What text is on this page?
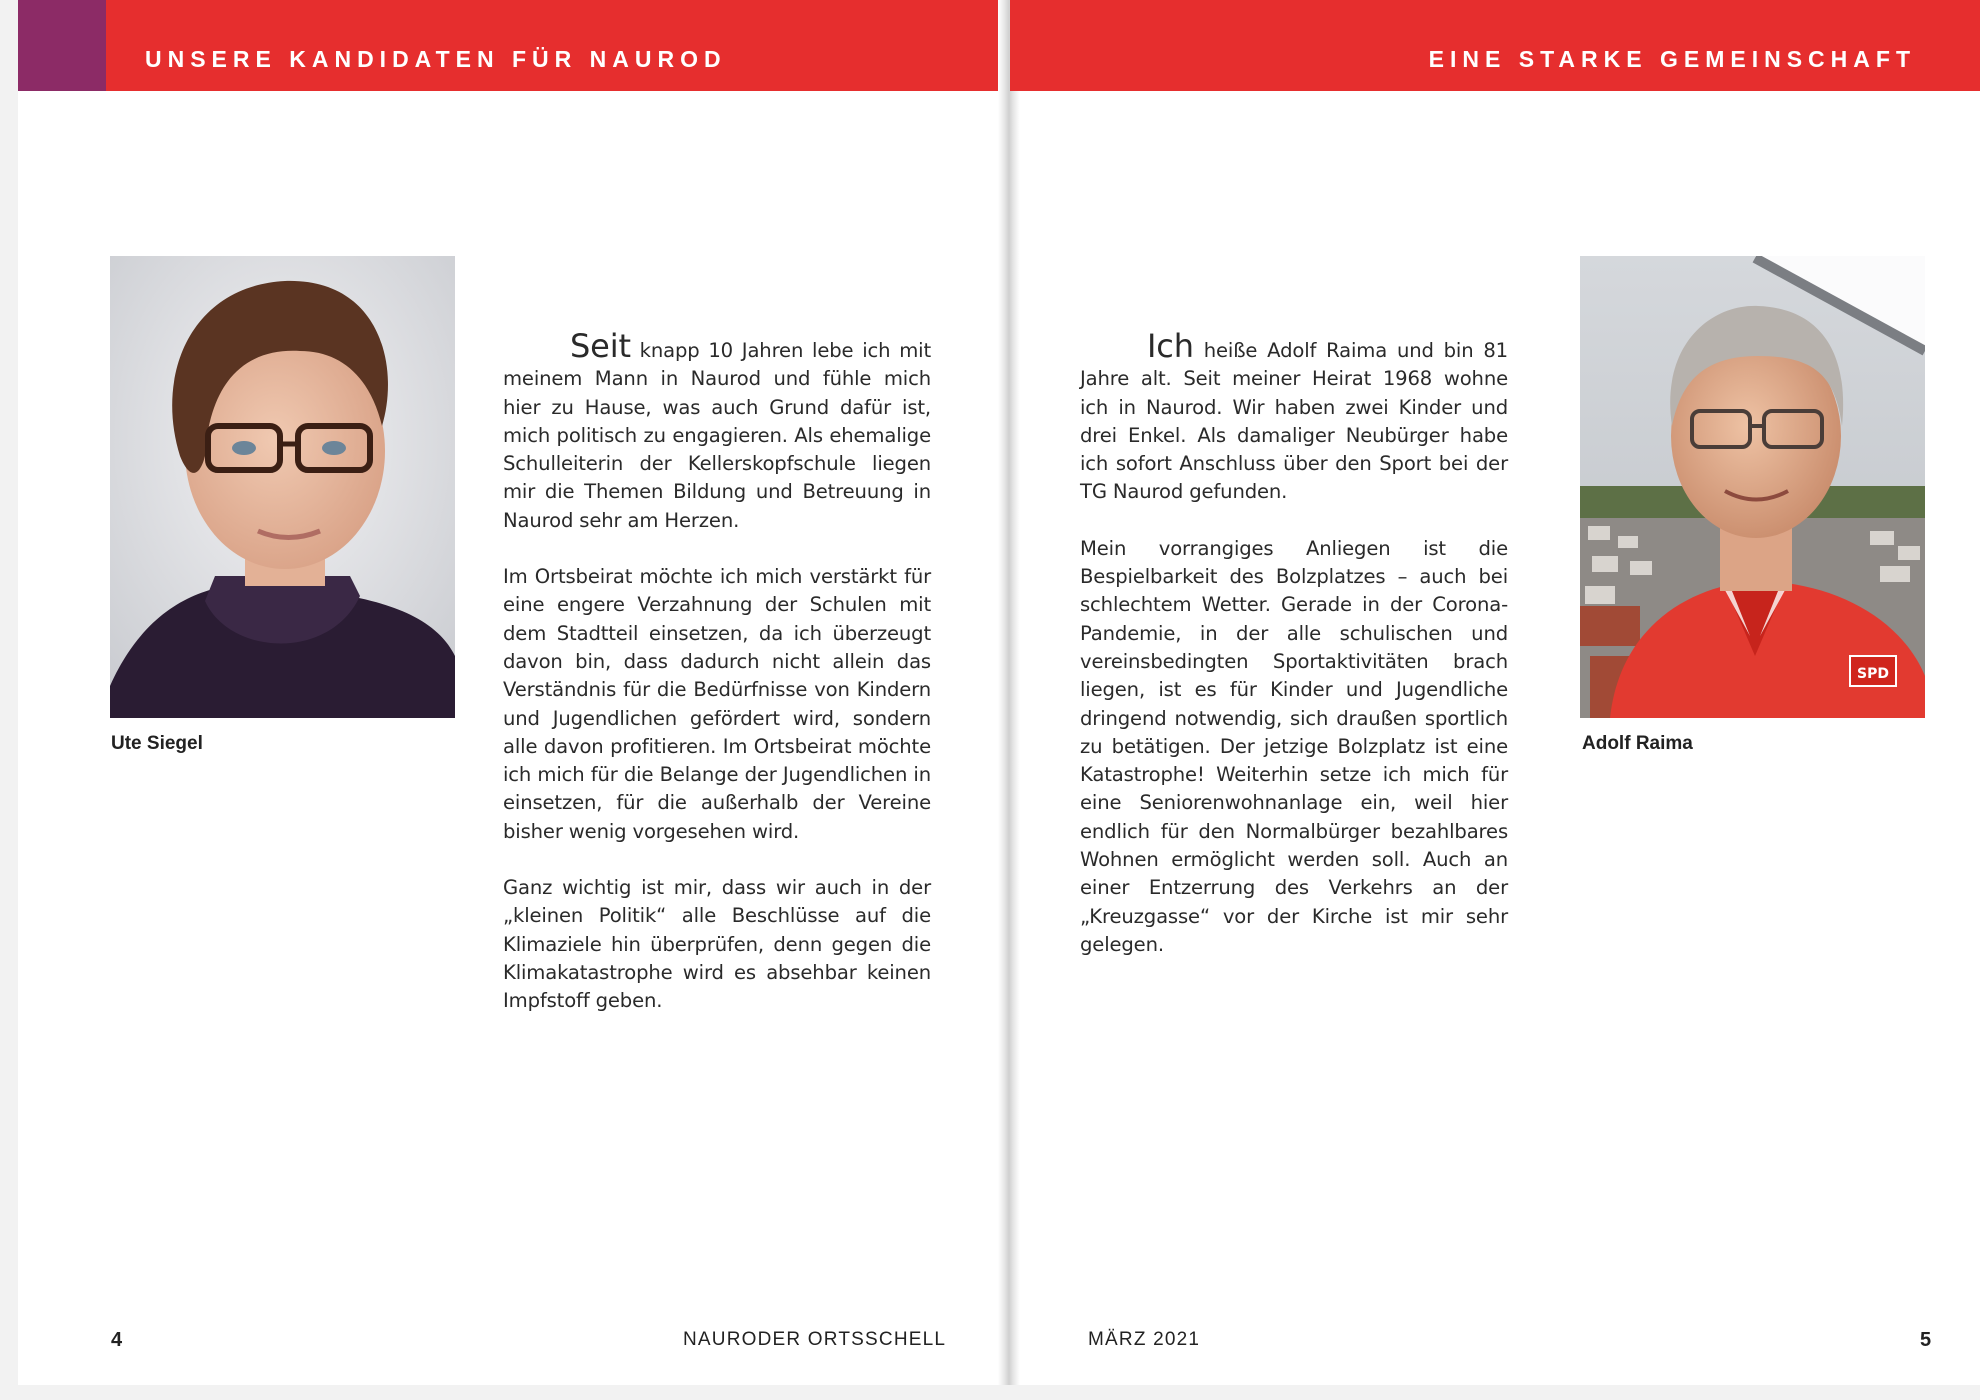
UNSERE KANDIDATEN FÜR NAUROD
Ute Siegel

Seit knapp 10 Jahren lebe ich mit meinem Mann in Naurod und fühle mich hier zu Hause, was auch Grund dafür ist, mich politisch zu engagieren. Als ehemalige Schulleiterin der Kellerskopfschule liegen mir die Themen Bildung und Betreuung in Naurod sehr am Herzen.

Im Ortsbeirat möchte ich mich verstärkt für eine engere Verzahnung der Schulen mit dem Stadtteil einsetzen, da ich überzeugt davon bin, dass dadurch nicht allein das Verständnis für die Bedürfnisse von Kindern und Jugendlichen gefördert wird, sondern alle davon profitieren. Im Ortsbeirat möchte ich mich für die Belange der Jugendlichen in einsetzen, für die außerhalb der Vereine bisher wenig vorgesehen wird.

Ganz wichtig ist mir, dass wir auch in der „kleinen Politik“ alle Beschlüsse auf die Klimaziele hin überprüfen, denn gegen die Klimakatastrophe wird es absehbar keinen Impfstoff geben.

4	NAURODER ORTSSCHELL
EINE STARKE GEMEINSCHAFT

Ich heiße Adolf Raima und bin 81 Jahre alt. Seit meiner Heirat 1968 wohne ich in Naurod. Wir haben zwei Kinder und drei Enkel. Als damaliger Neubürger habe ich sofort Anschluss über den Sport bei der TG Naurod gefunden.

Mein vorrangiges Anliegen ist die Bespielbarkeit des Bolzplatzes – auch bei schlechtem Wetter. Gerade in der Corona-Pandemie, in der alle schulischen und vereinsbedingten Sportaktivitäten brach liegen, ist es für Kinder und Jugendliche dringend notwendig, sich draußen sportlich zu betätigen. Der jetzige Bolzplatz ist eine Katastrophe! Weiterhin setze ich mich für eine Seniorenwohnanlage ein, weil hier endlich für den Normalbürger bezahlbares Wohnen ermöglicht werden soll. Auch an einer Entzerrung des Verkehrs an der „Kreuzgasse“ vor der Kirche ist mir sehr gelegen.

SPD
Adolf Raima
MÄRZ 2021	5
